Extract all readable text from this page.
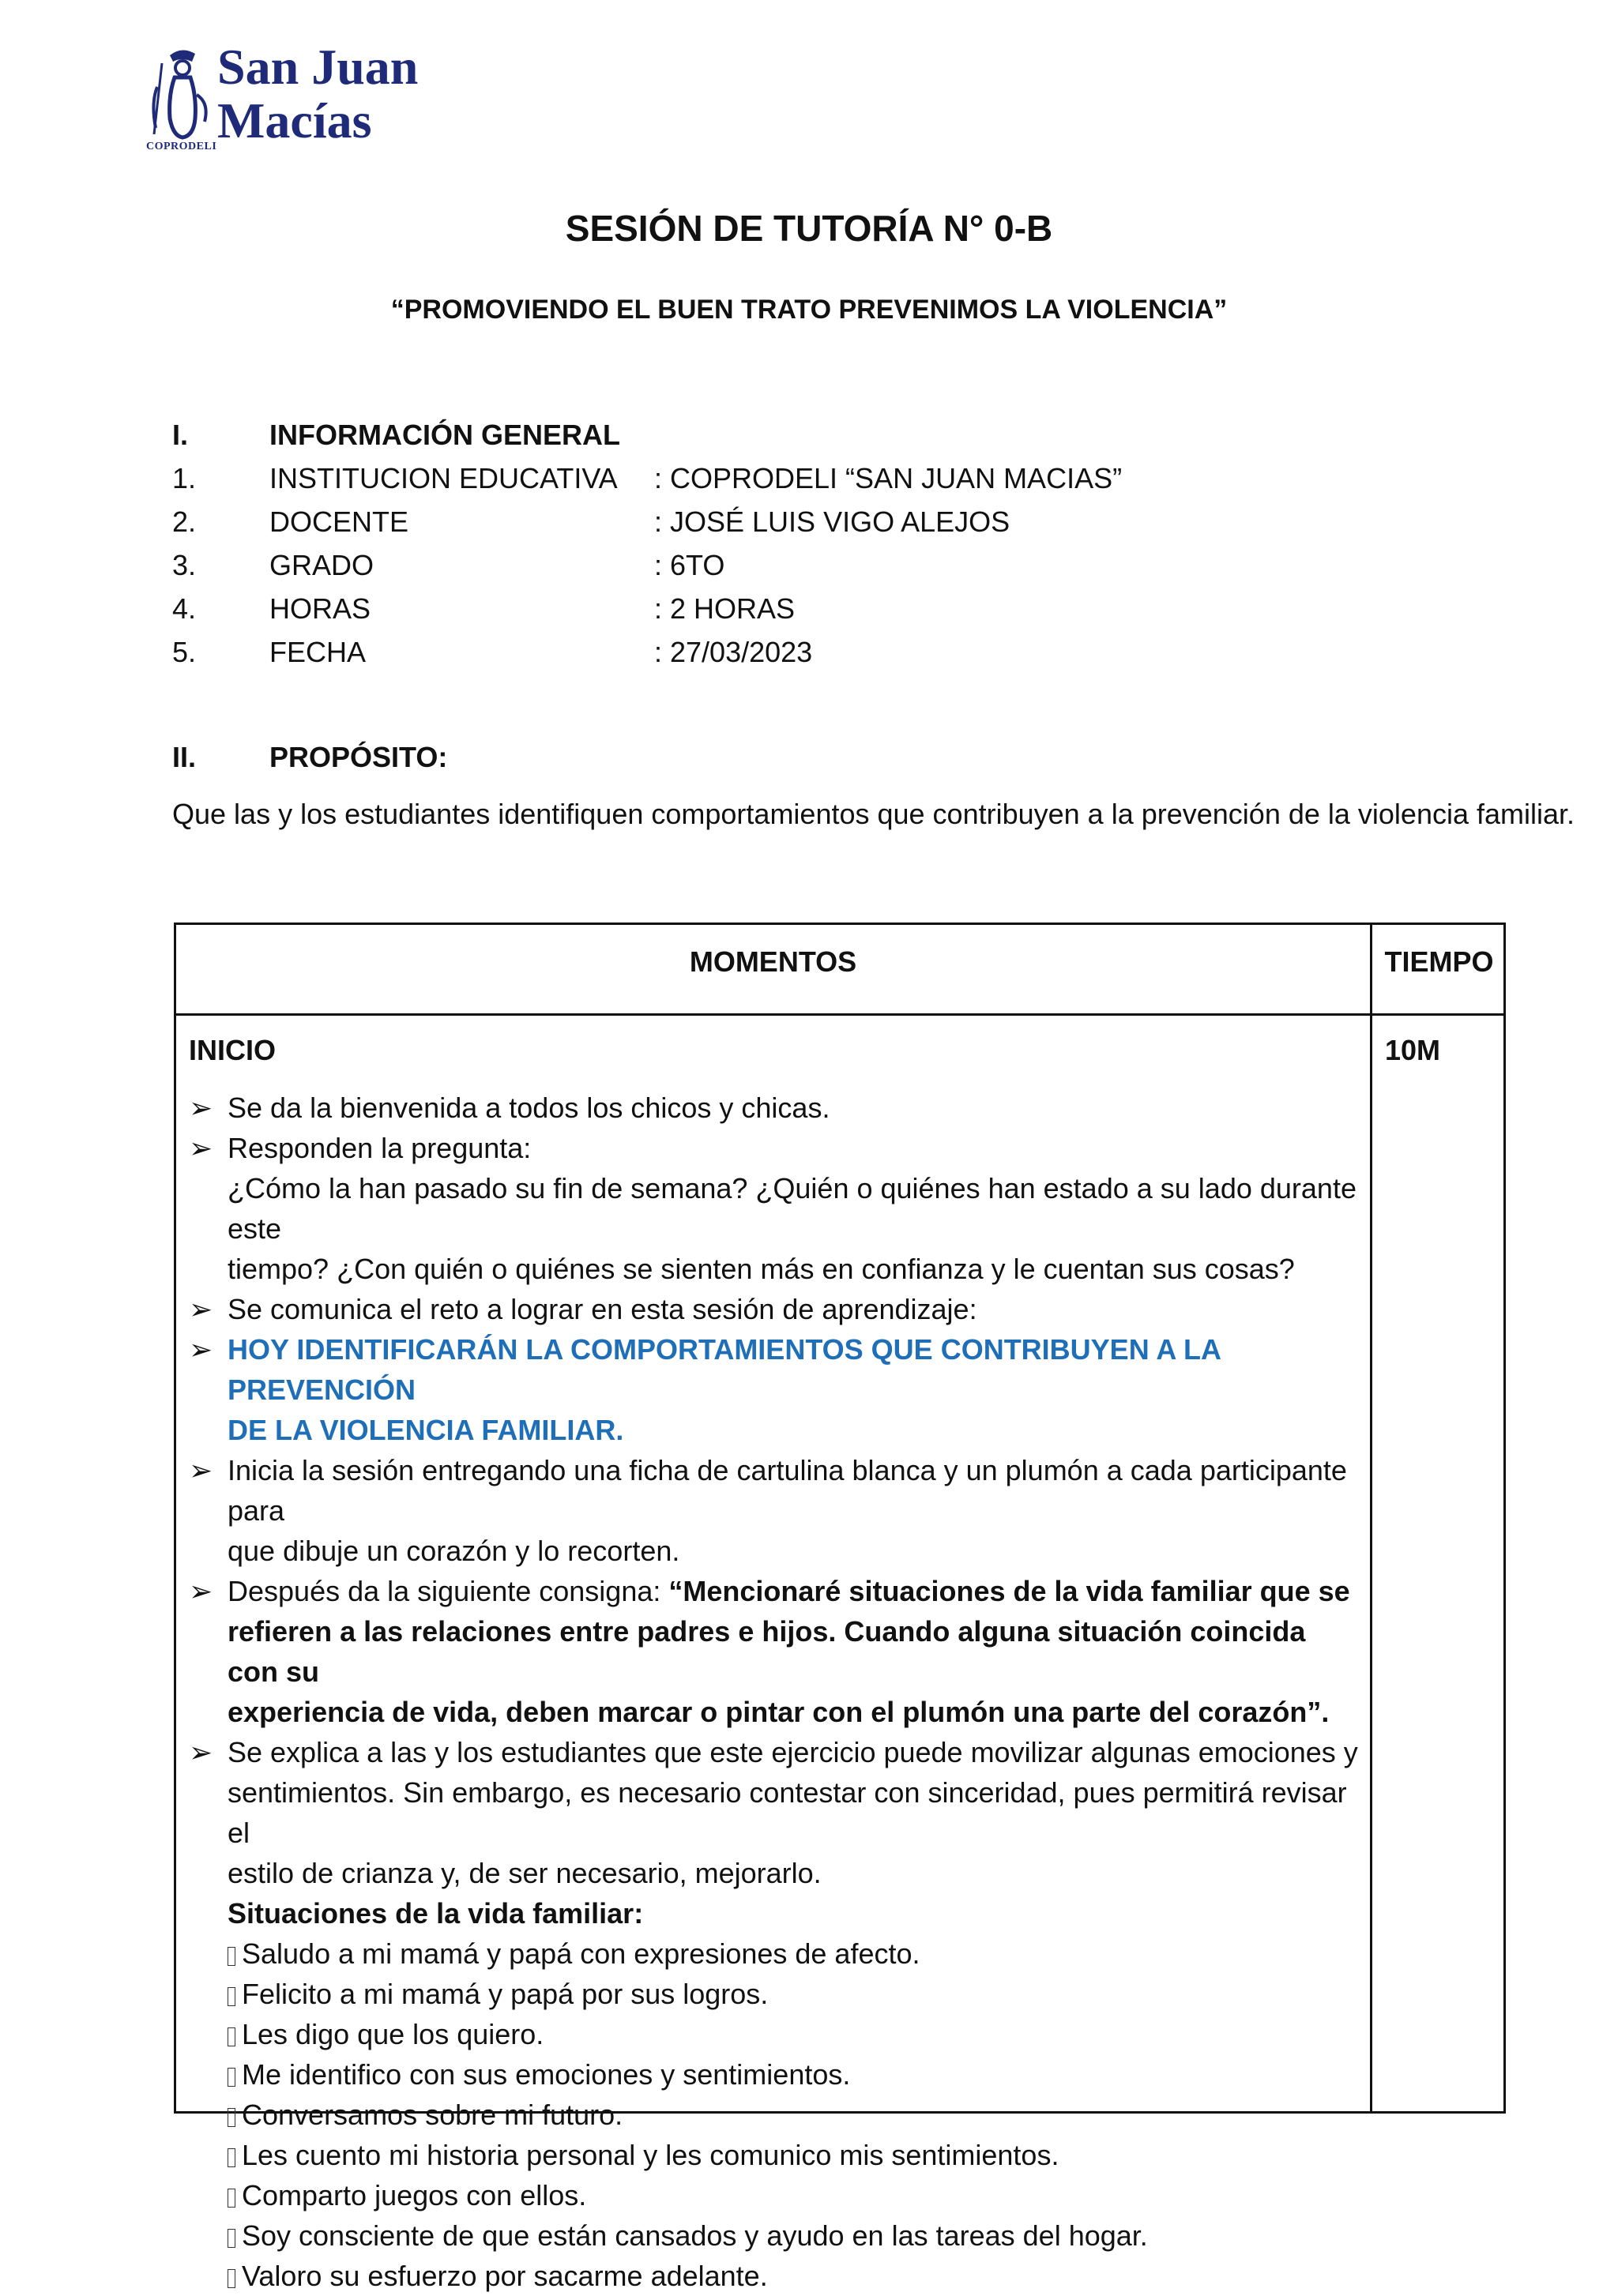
San Juan
Macías
COPRODELI
SESIÓN DE TUTORÍA N° 0-B
“PROMOVIENDO EL BUEN TRATO PREVENIMOS LA VIOLENCIA”
I.	INFORMACIÓN GENERAL
1.	INSTITUCION EDUCATIVA : COPRODELI “SAN JUAN MACIAS”
2.	DOCENTE	: JOSÉ LUIS VIGO ALEJOS
3.	GRADO	: 6TO
4.	HORAS	: 2 HORAS
5.	FECHA	: 27/03/2023
II.	PROPÓSITO:
Que las y los estudiantes identifiquen comportamientos que contribuyen a la prevención de la violencia familiar.
MOMENTOS	TIEMPO
INICIO	10M
➢ Se da la bienvenida a todos los chicos y chicas.
➢ Responden la pregunta:
¿Cómo la han pasado su fin de semana? ¿Quién o quiénes han estado a su lado durante este
tiempo? ¿Con quién o quiénes se sienten más en confianza y le cuentan sus cosas?
➢ Se comunica el reto a lograr en esta sesión de aprendizaje:
➢ HOY IDENTIFICARÁN LA COMPORTAMIENTOS QUE CONTRIBUYEN A LA PREVENCIÓN
DE LA VIOLENCIA FAMILIAR.
➢ Inicia la sesión entregando una ficha de cartulina blanca y un plumón a cada participante para
que dibuje un corazón y lo recorten.
➢ Después da la siguiente consigna: “Mencionaré situaciones de la vida familiar que se
refieren a las relaciones entre padres e hijos. Cuando alguna situación coincida con su
experiencia de vida, deben marcar o pintar con el plumón una parte del corazón”.
➢ Se explica a las y los estudiantes que este ejercicio puede movilizar algunas emociones y
sentimientos. Sin embargo, es necesario contestar con sinceridad, pues permitirá revisar el
estilo de crianza y, de ser necesario, mejorarlo.
Situaciones de la vida familiar:
Saludo a mi mamá y papá con expresiones de afecto.
Felicito a mi mamá y papá por sus logros.
Les digo que los quiero.
Me identifico con sus emociones y sentimientos.
Conversamos sobre mi futuro.
Les cuento mi historia personal y les comunico mis sentimientos.
Comparto juegos con ellos.
Soy consciente de que están cansados y ayudo en las tareas del hogar.
Valoro su esfuerzo por sacarme adelante.
